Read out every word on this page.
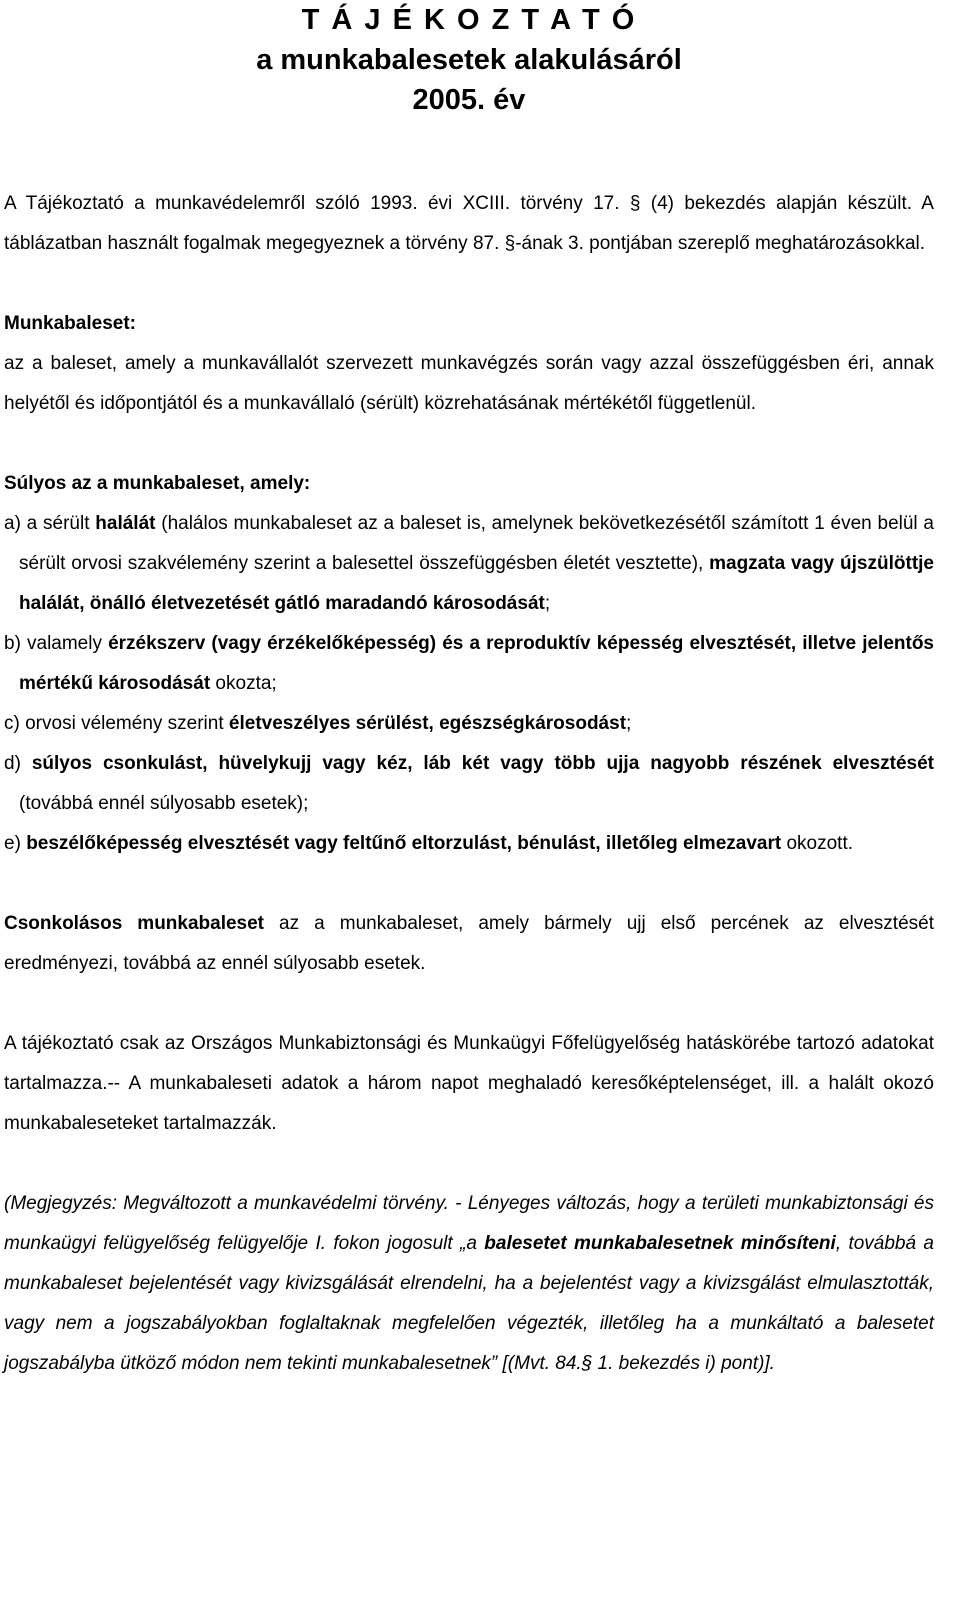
T Á J É K O Z T A T Ó
a munkabalesetek alakulásáról
2005. év

A Tájékoztató a munkavédelemről szóló 1993. évi XCIII. törvény 17. § (4) bekezdés alapján készült. A táblázatban használt fogalmak megegyeznek a törvény 87. §-ának 3. pontjában szereplő meghatározásokkal.

Munkabaleset:

az a baleset, amely a munkavállalót szervezett munkavégzés során vagy azzal összefüggésben éri, annak helyétől és időpontjától és a munkavállaló (sérült) közrehatásának mértékétől függetlenül.

Súlyos az a munkabaleset, amely:

a) a sérült halálát (halálos munkabaleset az a baleset is, amelynek bekövetkezésétől számított 1 éven belül a sérült orvosi szakvélemény szerint a balesettel összefüggésben életét vesztette), magzata vagy újszülöttje halálát, önálló életvezetését gátló maradandó károsodását;
b) valamely érzékszerv (vagy érzékelőképesség) és a reproduktív képesség elvesztését, illetve jelentős mértékű károsodását okozta;
c) orvosi vélemény szerint életveszélyes sérülést, egészségkárosodást;
d) súlyos csonkulást, hüvelykujj vagy kéz, láb két vagy több ujja nagyobb részének elvesztését (továbbá ennél súlyosabb esetek);
e) beszélőképesség elvesztését vagy feltűnő eltorzulást, bénulást, illetőleg elmezavart okozott.

Csonkolásos munkabaleset az a munkabaleset, amely bármely ujj első percének az elvesztését eredményezi, továbbá az ennél súlyosabb esetek.

A tájékoztató csak az Országos Munkabiztonsági és Munkaügyi Főfelügyelőség hatáskörébe tartozó adatokat tartalmazza.-- A munkabaleseti adatok a három napot meghaladó keresőképtelenséget, ill. a halált okozó munkabaleseteket tartalmazzák.

(Megjegyzés: Megváltozott a munkavédelmi törvény. - Lényeges változás, hogy a területi munkabiztonsági és munkaügyi felügyelőség felügyelője I. fokon jogosult „a balesetet munkabalesetnek minősíteni, továbbá a munkabaleset bejelentését vagy kivizsgálását elrendelni, ha a bejelentést vagy a kivizsgálást elmulasztották, vagy nem a jogszabályokban foglaltaknak megfelelően végezték, illetőleg ha a munkáltató a balesetet jogszabályba ütköző módon nem tekinti munkabalesetnek” [(Mvt. 84.§ 1. bekezdés i) pont)].
